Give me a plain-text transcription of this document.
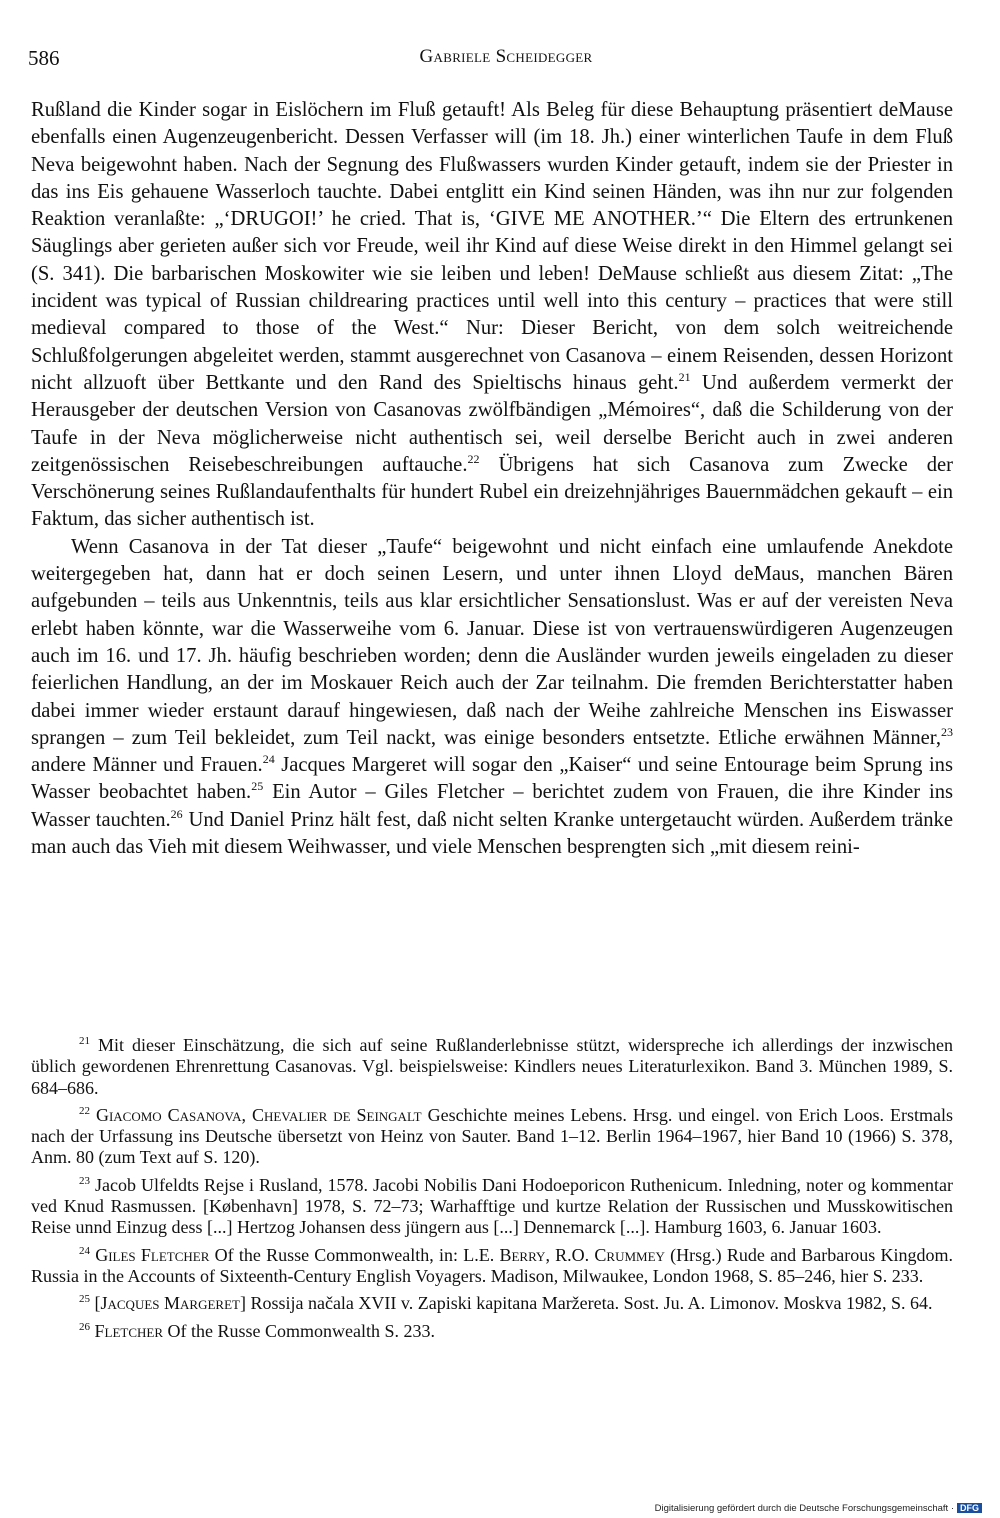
586	Gabriele Scheidegger

Rußland die Kinder sogar in Eislöchern im Fluß getauft! Als Beleg für diese Behauptung präsentiert deMause ebenfalls einen Augenzeugenbericht. Dessen Verfasser will (im 18. Jh.) einer winterlichen Taufe in dem Fluß Neva beigewohnt haben. Nach der Segnung des Flußwassers wurden Kinder getauft, indem sie der Priester in das ins Eis gehauene Wasserloch tauchte. Dabei entglitt ein Kind seinen Händen, was ihn nur zur folgenden Reaktion veranlaßte: „‘DRUGOI!’ he cried. That is, ‘GIVE ME ANOTHER.’“ Die Eltern des ertrunkenen Säuglings aber gerieten außer sich vor Freude, weil ihr Kind auf diese Weise direkt in den Himmel gelangt sei (S. 341). Die barbarischen Moskowiter wie sie leiben und leben! DeMause schließt aus diesem Zitat: „The incident was typical of Russian childrearing practices until well into this century – practices that were still medieval compared to those of the West.“ Nur: Dieser Bericht, von dem solch weitreichende Schlußfolgerungen abgeleitet werden, stammt ausgerechnet von Casanova – einem Reisenden, dessen Horizont nicht allzuoft über Bettkante und den Rand des Spieltischs hinaus geht.$^{21}$ Und außerdem vermerkt der Herausgeber der deutschen Version von Casanovas zwölfbändigen „Mémoires“, daß die Schilderung von der Taufe in der Neva möglicherweise nicht authentisch sei, weil derselbe Bericht auch in zwei anderen zeitgenössischen Reisebeschreibungen auftauche.$^{22}$ Übrigens hat sich Casanova zum Zwecke der Verschönerung seines Rußlandaufenthalts für hundert Rubel ein dreizehnjähriges Bauernmädchen gekauft – ein Faktum, das sicher authentisch ist.

Wenn Casanova in der Tat dieser „Taufe“ beigewohnt und nicht einfach eine umlaufende Anekdote weitergegeben hat, dann hat er doch seinen Lesern, und unter ihnen Lloyd deMaus, manchen Bären aufgebunden – teils aus Unkenntnis, teils aus klar ersichtlicher Sensationslust. Was er auf der vereisten Neva erlebt haben könnte, war die Wasserweihe vom 6. Januar. Diese ist von vertrauenswürdigeren Augenzeugen auch im 16. und 17. Jh. häufig beschrieben worden; denn die Ausländer wurden jeweils eingeladen zu dieser feierlichen Handlung, an der im Moskauer Reich auch der Zar teilnahm. Die fremden Berichterstatter haben dabei immer wieder erstaunt darauf hingewiesen, daß nach der Weihe zahlreiche Menschen ins Eiswasser sprangen – zum Teil bekleidet, zum Teil nackt, was einige besonders entsetzte. Etliche erwähnen Männer,$^{23}$ andere Männer und Frauen.$^{24}$ Jacques Margeret will sogar den „Kaiser“ und seine Entourage beim Sprung ins Wasser beobachtet haben.$^{25}$ Ein Autor – Giles Fletcher – berichtet zudem von Frauen, die ihre Kinder ins Wasser tauchten.$^{26}$ Und Daniel Prinz hält fest, daß nicht selten Kranke untergetaucht würden. Außerdem tränke man auch das Vieh mit diesem Weihwasser, und viele Menschen besprengten sich „mit diesem reini-

$^{21}$ Mit dieser Einschätzung, die sich auf seine Rußlanderlebnisse stützt, widerspreche ich allerdings der inzwischen üblich gewordenen Ehrenrettung Casanovas. Vgl. beispielsweise: Kindlers neues Literaturlexikon. Band 3. München 1989, S. 684–686.

$^{22}$ Giacomo Casanova, Chevalier de Seingalt Geschichte meines Lebens. Hrsg. und eingel. von Erich Loos. Erstmals nach der Urfassung ins Deutsche übersetzt von Heinz von Sauter. Band 1–12. Berlin 1964–1967, hier Band 10 (1966) S. 378, Anm. 80 (zum Text auf S. 120).

$^{23}$ Jacob Ulfeldts Rejse i Rusland, 1578. Jacobi Nobilis Dani Hodoeporicon Ruthenicum. Inledning, noter og kommentar ved Knud Rasmussen. [København] 1978, S. 72–73; Warhafftige und kurtze Relation der Russischen und Musskowitischen Reise unnd Einzug dess [...] Hertzog Johansen dess jüngern aus [...] Dennemarck [...]. Hamburg 1603, 6. Januar 1603.

$^{24}$ Giles Fletcher Of the Russe Commonwealth, in: L.E. Berry, R.O. Crummey (Hrsg.) Rude and Barbarous Kingdom. Russia in the Accounts of Sixteenth-Century English Voyagers. Madison, Milwaukee, London 1968, S. 85–246, hier S. 233.

$^{25}$ [Jacques Margeret] Rossija načala XVII v. Zapiski kapitana Maržereta. Sost. Ju. A. Limonov. Moskva 1982, S. 64.

$^{26}$ Fletcher Of the Russe Commonwealth S. 233.

Digitalisierung gefördert durch die Deutsche Forschungsgemeinschaft · DFG
